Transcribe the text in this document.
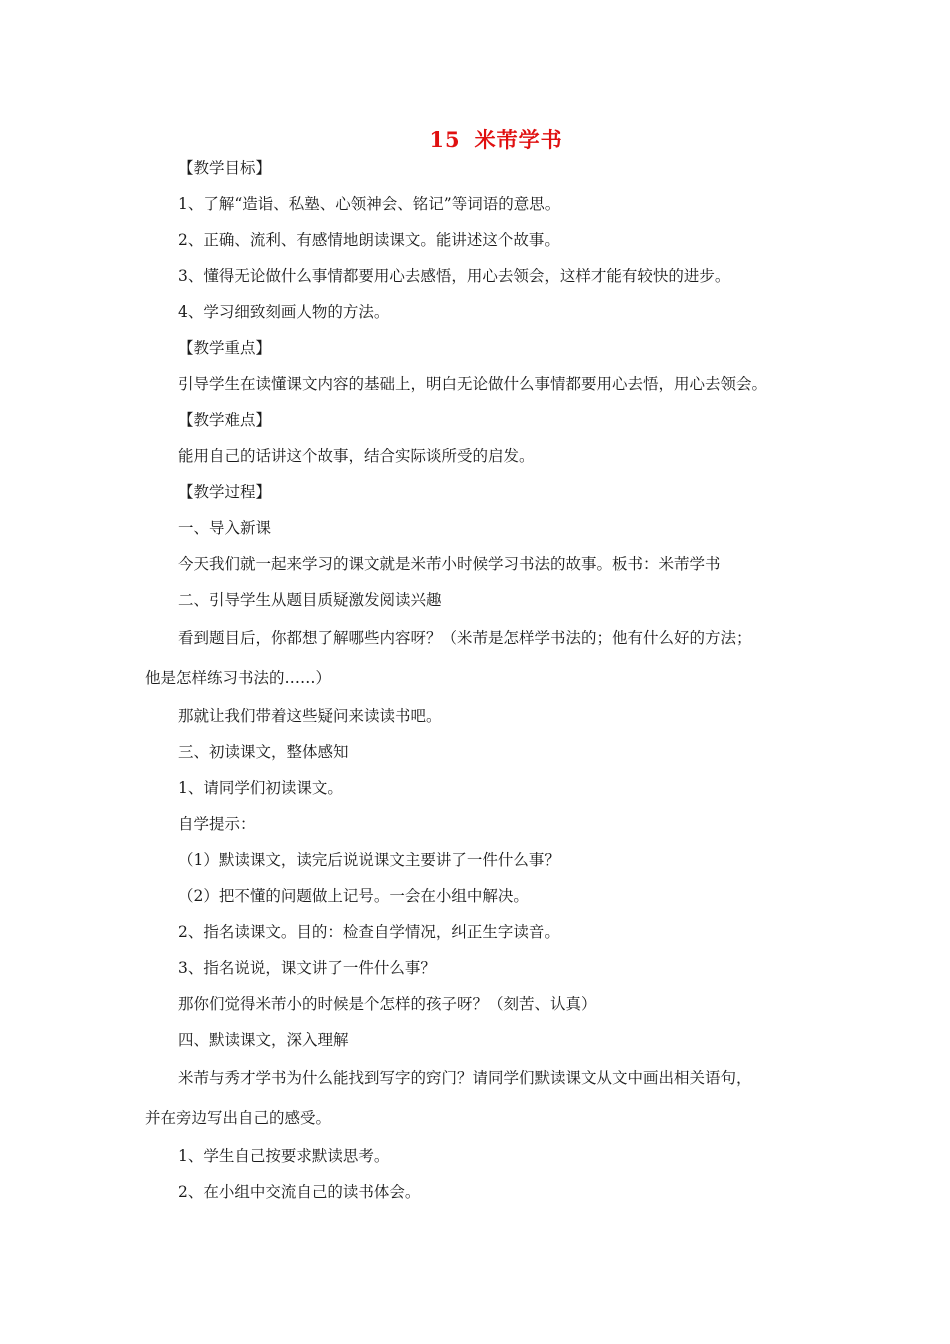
15 米芾学书
【教学目标】
1、了解“造诣、私塾、心领神会、铭记”等词语的意思。
2、正确、流利、有感情地朗读课文。能讲述这个故事。
3、懂得无论做什么事情都要用心去感悟，用心去领会，这样才能有较快的进步。
4、学习细致刻画人物的方法。
【教学重点】
引导学生在读懂课文内容的基础上，明白无论做什么事情都要用心去悟，用心去领会。
【教学难点】
能用自己的话讲这个故事，结合实际谈所受的启发。
【教学过程】
一、导入新课
今天我们就一起来学习的课文就是米芾小时候学习书法的故事。板书：米芾学书
二、引导学生从题目质疑激发阅读兴趣
看到题目后，你都想了解哪些内容呀？（米芾是怎样学书法的；他有什么好的方法；
他是怎样练习书法的……）
那就让我们带着这些疑问来读读书吧。
三、初读课文，整体感知
1、请同学们初读课文。
自学提示：
（1）默读课文，读完后说说课文主要讲了一件什么事？
（2）把不懂的问题做上记号。一会在小组中解决。
2、指名读课文。目的：检查自学情况，纠正生字读音。
3、指名说说，课文讲了一件什么事？
那你们觉得米芾小的时候是个怎样的孩子呀？（刻苦、认真）
四、默读课文，深入理解
米芾与秀才学书为什么能找到写字的窍门？请同学们默读课文从文中画出相关语句，
并在旁边写出自己的感受。
1、学生自己按要求默读思考。
2、在小组中交流自己的读书体会。
